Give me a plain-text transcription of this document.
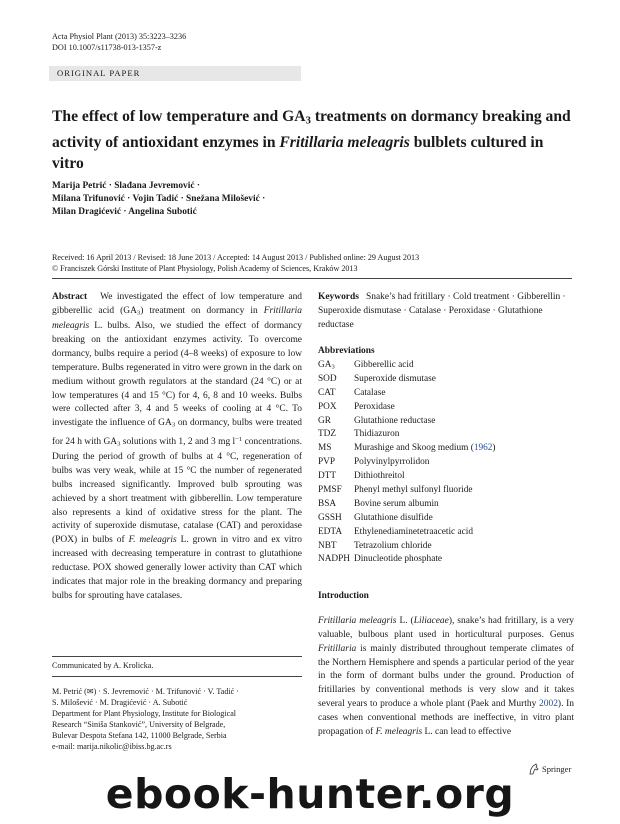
Acta Physiol Plant (2013) 35:3223–3236
DOI 10.1007/s11738-013-1357-z
ORIGINAL PAPER
The effect of low temperature and $GA_3$ treatments on dormancy breaking and activity of antioxidant enzymes in Fritillaria meleagris bulblets cultured in vitro
Marija Petrić · Slađana Jevremović ·
Milana Trifunović · Vojin Tadić · Snežana Milošević ·
Milan Dragićević · Angelina Subotić
Received: 16 April 2013 / Revised: 18 June 2013 / Accepted: 14 August 2013 / Published online: 29 August 2013
© Franciszek Górski Institute of Plant Physiology, Polish Academy of Sciences, Kraków 2013
Abstract We investigated the effect of low temperature and gibberellic acid $(GA_3)$ treatment on dormancy in Fritillaria meleagris L. bulbs. Also, we studied the effect of dormancy breaking on the antioxidant enzymes activity. To overcome dormancy, bulbs require a period (4–8 weeks) of exposure to low temperature. Bulbs regenerated in vitro were grown in the dark on medium without growth regulators at the standard (24 °C) or at low temperatures (4 and 15 °C) for 4, 6, 8 and 10 weeks. Bulbs were collected after 3, 4 and 5 weeks of cooling at 4 °C. To investigate the influence of $GA_3$ on dormancy, bulbs were treated for 24 h with $GA_3$ solutions with 1, 2 and 3 mg $l^{-1}$ concentrations. During the period of growth of bulbs at 4 °C, regeneration of bulbs was very weak, while at 15 °C the number of regenerated bulbs increased significantly. Improved bulb sprouting was achieved by a short treatment with gibberellin. Low temperature also represents a kind of oxidative stress for the plant. The activity of superoxide dismutase, catalase (CAT) and peroxidase (POX) in bulbs of F. meleagris L. grown in vitro and ex vitro increased with decreasing temperature in contrast to glutathione reductase. POX showed generally lower activity than CAT which indicates that major role in the breaking dormancy and preparing bulbs for sprouting have catalases.
Communicated by A. Krolicka.
M. Petrić (✉) · S. Jevremović · M. Trifunović · V. Tadić ·
S. Milošević · M. Dragićević · A. Subotić
Department for Plant Physiology, Institute for Biological
Research “Siniša Stanković”, University of Belgrade,
Bulevar Despota Stefana 142, 11000 Belgrade, Serbia
e-mail: marija.nikolic@ibiss.bg.ac.rs
Keywords Snake’s had fritillary · Cold treatment · Gibberellin · Superoxide dismutase · Catalase · Peroxidase · Glutathione reductase
Abbreviations
$GA_3$	Gibberellic acid
SOD	Superoxide dismutase
CAT	Catalase
POX	Peroxidase
GR	Glutathione reductase
TDZ	Thidiazuron
MS	Murashige and Skoog medium (1962)
PVP	Polyvinylpyrrolidon
DTT	Dithiothreitol
PMSF	Phenyl methyl sulfonyl fluoride
BSA	Bovine serum albumin
GSSH	Glutathione disulfide
EDTA	Ethylenediaminetetraacetic acid
NBT	Tetrazolium chloride
NADPH Dinucleotide phosphate
Introduction
Fritillaria meleagris L. (Liliaceae), snake’s had fritillary, is a very valuable, bulbous plant used in horticultural purposes. Genus Fritillaria is mainly distributed throughout temperate climates of the Northern Hemisphere and spends a particular period of the year in the form of dormant bulbs under the ground. Production of fritillaries by conventional methods is very slow and it takes several years to produce a whole plant (Paek and Murthy 2002). In cases when conventional methods are ineffective, in vitro plant propagation of F. meleagris L. can lead to effective
Springer
ebook-hunter.org
